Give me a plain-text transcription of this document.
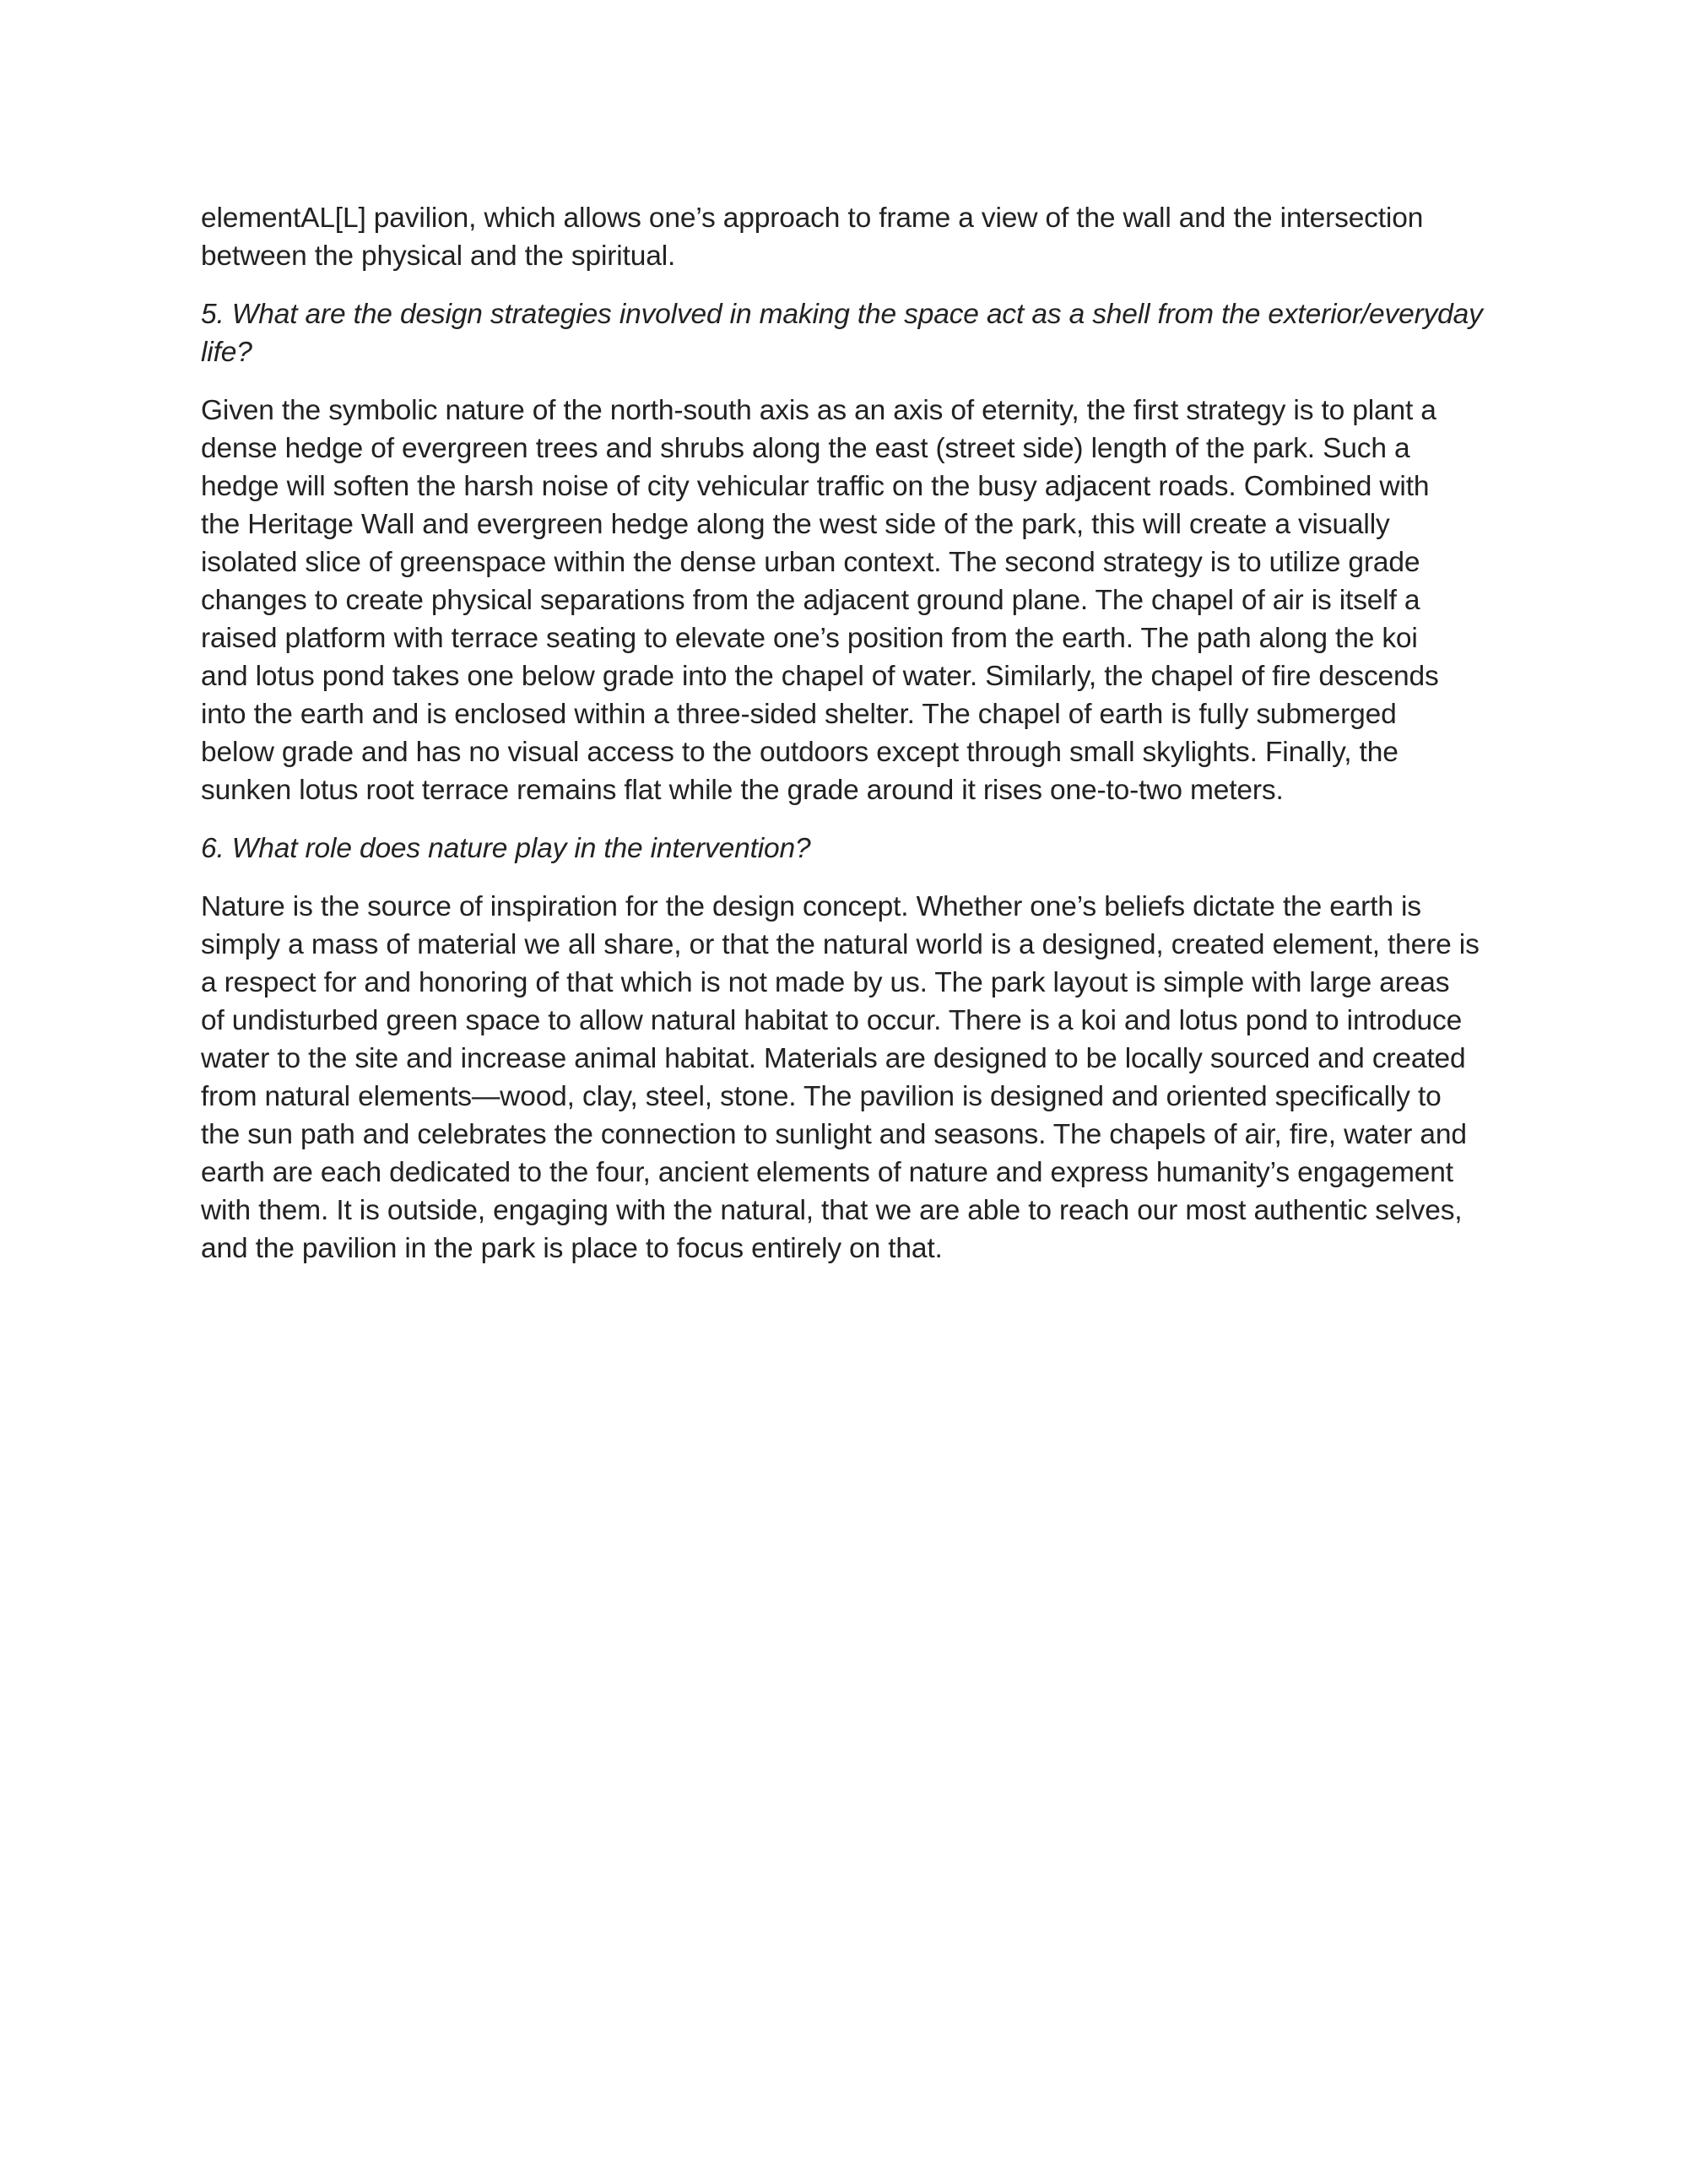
elementAL[L] pavilion, which allows one’s approach to frame a view of the wall and the intersection
between the physical and the spiritual.

5. What are the design strategies involved in making the space act as a shell from the exterior/everyday
life?

Given the symbolic nature of the north-south axis as an axis of eternity, the first strategy is to plant a
dense hedge of evergreen trees and shrubs along the east (street side) length of the park. Such a
hedge will soften the harsh noise of city vehicular traffic on the busy adjacent roads. Combined with
the Heritage Wall and evergreen hedge along the west side of the park, this will create a visually
isolated slice of greenspace within the dense urban context. The second strategy is to utilize grade
changes to create physical separations from the adjacent ground plane. The chapel of air is itself a
raised platform with terrace seating to elevate one’s position from the earth. The path along the koi
and lotus pond takes one below grade into the chapel of water. Similarly, the chapel of fire descends
into the earth and is enclosed within a three-sided shelter. The chapel of earth is fully submerged
below grade and has no visual access to the outdoors except through small skylights. Finally, the
sunken lotus root terrace remains flat while the grade around it rises one-to-two meters.

6. What role does nature play in the intervention?

Nature is the source of inspiration for the design concept. Whether one’s beliefs dictate the earth is
simply a mass of material we all share, or that the natural world is a designed, created element, there is
a respect for and honoring of that which is not made by us. The park layout is simple with large areas
of undisturbed green space to allow natural habitat to occur. There is a koi and lotus pond to introduce
water to the site and increase animal habitat. Materials are designed to be locally sourced and created
from natural elements—wood, clay, steel, stone. The pavilion is designed and oriented specifically to
the sun path and celebrates the connection to sunlight and seasons. The chapels of air, fire, water and
earth are each dedicated to the four, ancient elements of nature and express humanity’s engagement
with them. It is outside, engaging with the natural, that we are able to reach our most authentic selves,
and the pavilion in the park is place to focus entirely on that.
